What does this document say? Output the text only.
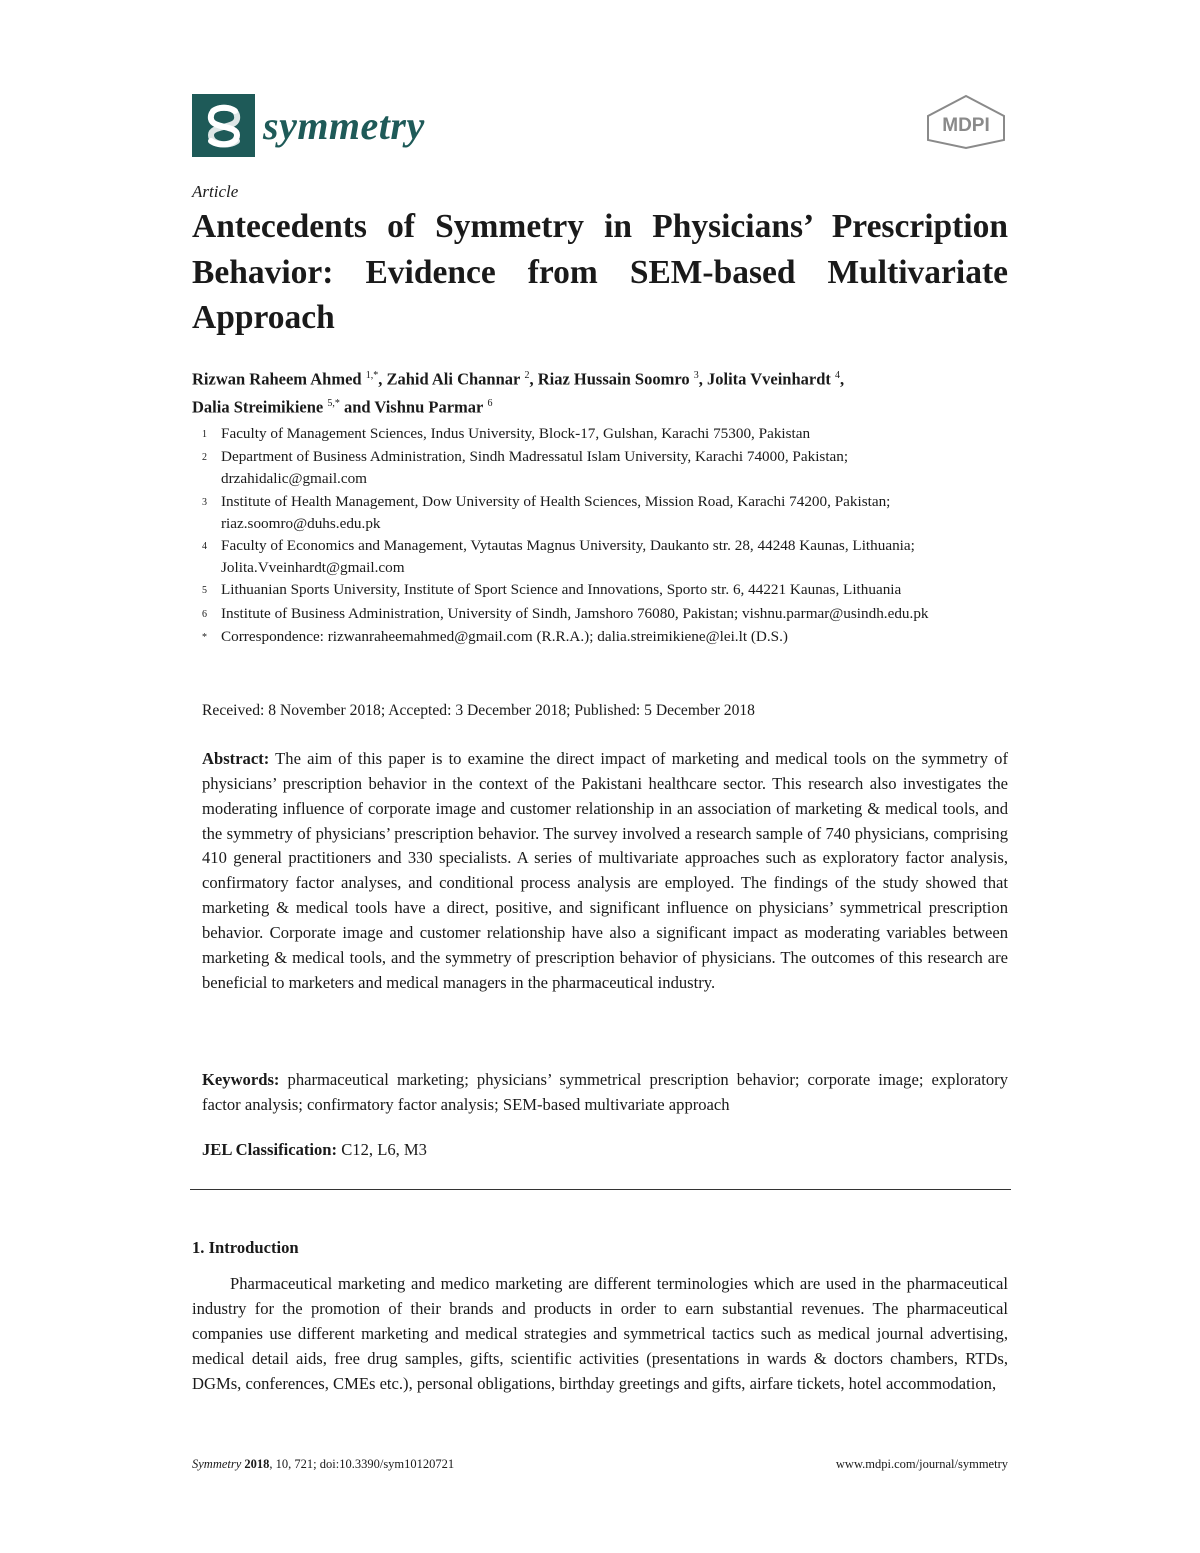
symmetry	MDPI
Article
Antecedents of Symmetry in Physicians’ Prescription Behavior: Evidence from SEM-based Multivariate Approach
Rizwan Raheem Ahmed $^{1,*}$, Zahid Ali Channar $^2$, Riaz Hussain Soomro $^3$, Jolita Vveinhardt $^4$,
Dalia Streimikiene $^{5,*}$ and Vishnu Parmar $^6$
1 Faculty of Management Sciences, Indus University, Block-17, Gulshan, Karachi 75300, Pakistan
2 Department of Business Administration, Sindh Madressatul Islam University, Karachi 74000, Pakistan; drzahidalic@gmail.com
3 Institute of Health Management, Dow University of Health Sciences, Mission Road, Karachi 74200, Pakistan; riaz.soomro@duhs.edu.pk
4 Faculty of Economics and Management, Vytautas Magnus University, Daukanto str. 28, 44248 Kaunas, Lithuania; Jolita.Vveinhardt@gmail.com
5 Lithuanian Sports University, Institute of Sport Science and Innovations, Sporto str. 6, 44221 Kaunas, Lithuania
6 Institute of Business Administration, University of Sindh, Jamshoro 76080, Pakistan; vishnu.parmar@usindh.edu.pk
* Correspondence: rizwanraheemahmed@gmail.com (R.R.A.); dalia.streimikiene@lei.lt (D.S.)
Received: 8 November 2018; Accepted: 3 December 2018; Published: 5 December 2018
Abstract: The aim of this paper is to examine the direct impact of marketing and medical tools on the symmetry of physicians’ prescription behavior in the context of the Pakistani healthcare sector. This research also investigates the moderating influence of corporate image and customer relationship in an association of marketing & medical tools, and the symmetry of physicians’ prescription behavior. The survey involved a research sample of 740 physicians, comprising 410 general practitioners and 330 specialists. A series of multivariate approaches such as exploratory factor analysis, confirmatory factor analyses, and conditional process analysis are employed. The findings of the study showed that marketing & medical tools have a direct, positive, and significant influence on physicians’ symmetrical prescription behavior. Corporate image and customer relationship have also a significant impact as moderating variables between marketing & medical tools, and the symmetry of prescription behavior of physicians. The outcomes of this research are beneficial to marketers and medical managers in the pharmaceutical industry.
Keywords: pharmaceutical marketing; physicians’ symmetrical prescription behavior; corporate image; exploratory factor analysis; confirmatory factor analysis; SEM-based multivariate approach
JEL Classification: C12, L6, M3
1. Introduction
Pharmaceutical marketing and medico marketing are different terminologies which are used in the pharmaceutical industry for the promotion of their brands and products in order to earn substantial revenues. The pharmaceutical companies use different marketing and medical strategies and symmetrical tactics such as medical journal advertising, medical detail aids, free drug samples, gifts, scientific activities (presentations in wards & doctors chambers, RTDs, DGMs, conferences, CMEs etc.), personal obligations, birthday greetings and gifts, airfare tickets, hotel accommodation,
Symmetry 2018, 10, 721; doi:10.3390/sym10120721	www.mdpi.com/journal/symmetry
